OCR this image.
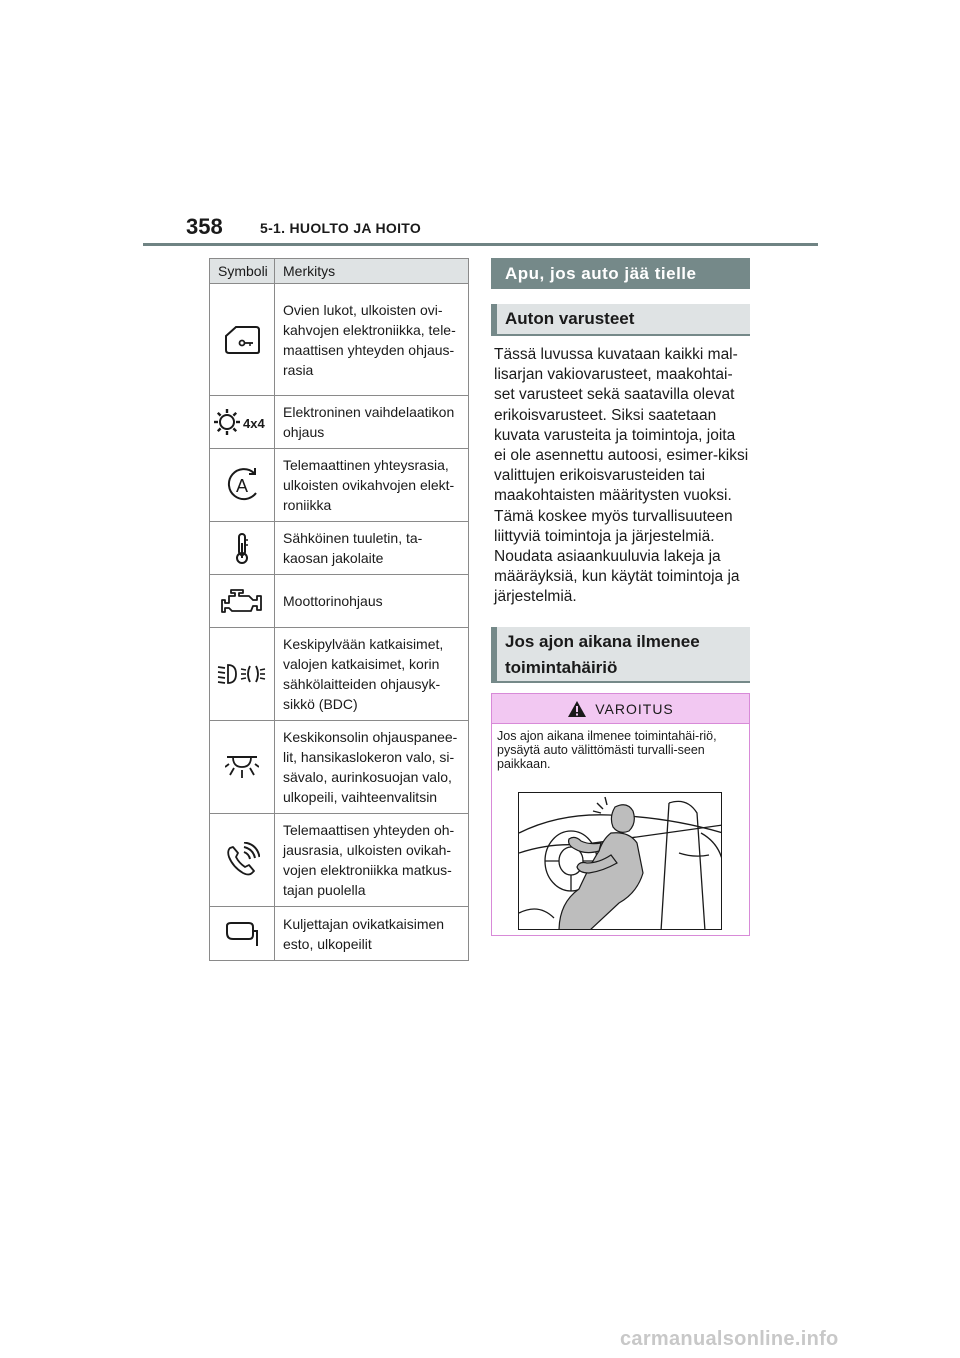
358	5-1. HUOLTO JA HOITO
Symboli	Merkitys
	Ovien lukot, ulkoisten ovi-kahvojen elektroniikka, tele-maattisen yhteyden ohjaus-rasia

4x4	Elektroninen vaihdelaatikon ohjaus

A	Telemaattinen yhteysrasia, ulkoisten ovikahvojen elekt-roniikka
	Sähköinen tuuletin, ta-kaosan jakolaite
	Moottorinohjaus
	Keskipylvään katkaisimet, valojen katkaisimet, korin sähkölaitteiden ohjausyk-sikkö (BDC)
	Keskikonsolin ohjauspanee-lit, hansikaslokeron valo, si-sävalo, aurinkosuojan valo, ulkopeili, vaihteenvalitsin
	Telemaattisen yhteyden oh-jausrasia, ulkoisten ovikah-vojen elektroniikka matkus-tajan puolella
	Kuljettajan ovikatkaisimen esto, ulkopeilit
Apu, jos auto jää tielle
Auton varusteet
Tässä luvussa kuvataan kaikki mal-lisarjan vakiovarusteet, maakohtai-set varusteet sekä saatavilla olevat erikoisvarusteet. Siksi saatetaan kuvata varusteita ja toimintoja, joita ei ole asennettu autoosi, esimer-kiksi valittujen erikoisvarusteiden tai maakohtaisten määritysten vuoksi. Tämä koskee myös turvallisuuteen liittyviä toimintoja ja järjestelmiä. Noudata asiaankuuluvia lakeja ja määräyksiä, kun käytät toimintoja ja järjestelmiä.
Jos ajon aikana ilmenee toimintahäiriö
VAROITUS
Jos ajon aikana ilmenee toimintahäi-riö, pysäytä auto välittömästi turvalli-seen paikkaan.
carmanualsonline.info
